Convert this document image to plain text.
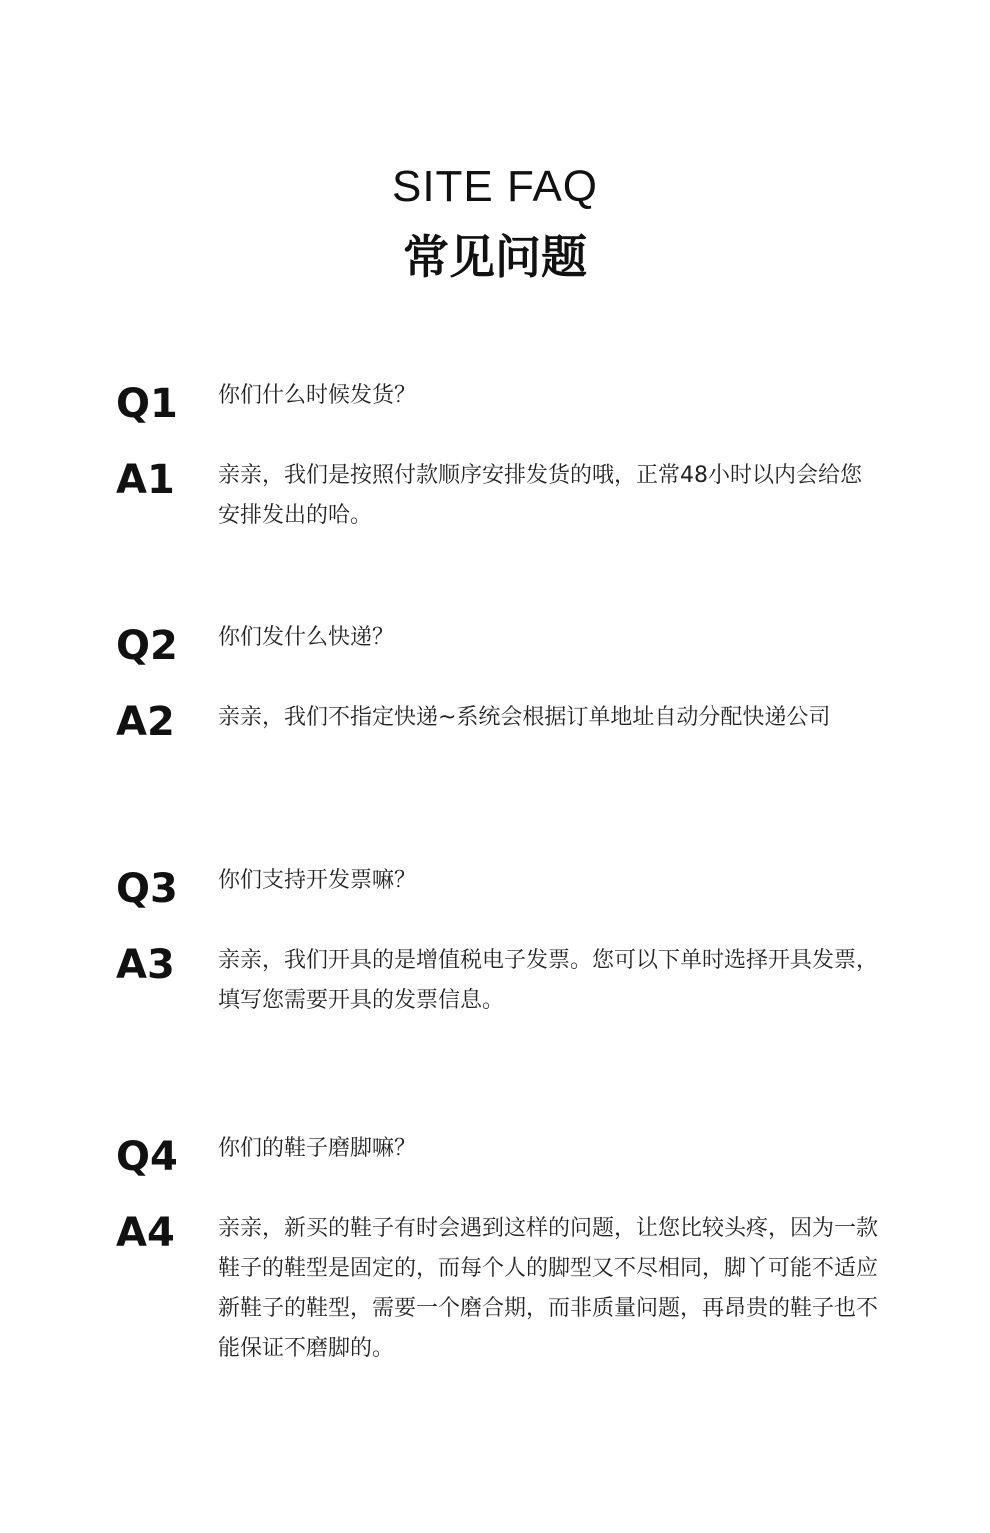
SITE FAQ
常见问题
Q1 你们什么时候发货？
A1 亲亲，我们是按照付款顺序安排发货的哦，正常48小时以内会给您安排发出的哈。
Q2 你们发什么快递？
A2 亲亲，我们不指定快递~系统会根据订单地址自动分配快递公司
Q3 你们支持开发票嘛？
A3 亲亲，我们开具的是增值税电子发票。您可以下单时选择开具发票，填写您需要开具的发票信息。
Q4 你们的鞋子磨脚嘛？
A4 亲亲，新买的鞋子有时会遇到这样的问题，让您比较头疼，因为一款鞋子的鞋型是固定的，而每个人的脚型又不尽相同，脚丫可能不适应新鞋子的鞋型，需要一个磨合期，而非质量问题，再昂贵的鞋子也不能保证不磨脚的。
